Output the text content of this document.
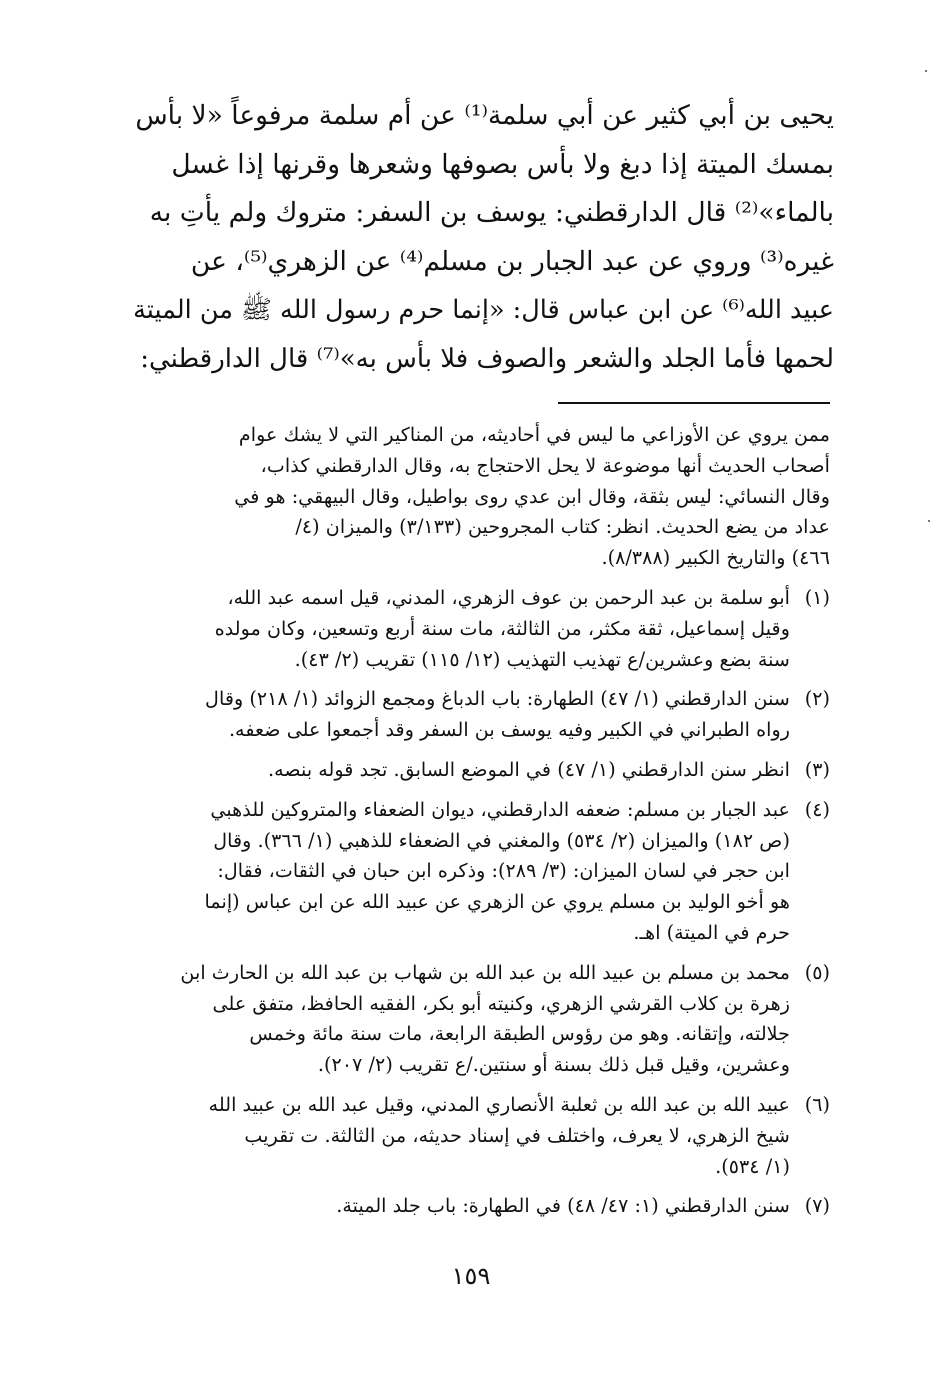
يحيى بن أبي كثير عن أبي سلمة⁽¹⁾ عن أم سلمة مرفوعاً «لا بأس
بمسك الميتة إذا دبغ ولا بأس بصوفها وشعرها وقرنها إذا غسل
بالماء»⁽²⁾ قال الدارقطني: يوسف بن السفر: متروك ولم يأتِ به
غيره⁽³⁾ وروي عن عبد الجبار بن مسلم⁽⁴⁾ عن الزهري⁽⁵⁾، عن
عبيد الله⁽⁶⁾ عن ابن عباس قال: «إنما حرم رسول الله ﷺ من الميتة
لحمها فأما الجلد والشعر والصوف فلا بأس به»⁽⁷⁾ قال الدارقطني:
ممن يروي عن الأوزاعي ما ليس في أحاديثه، من المناكير التي لا يشك عوام
أصحاب الحديث أنها موضوعة لا يحل الاحتجاج به، وقال الدارقطني كذاب،
وقال النسائي: ليس بثقة، وقال ابن عدي روى بواطيل، وقال البيهقي: هو في
عداد من يضع الحديث. انظر: كتاب المجروحين (٣/١٣٣) والميزان (٤/
٤٦٦) والتاريخ الكبير (٨/٣٨٨).
(١)
أبو سلمة بن عبد الرحمن بن عوف الزهري، المدني، قيل اسمه عبد الله،
وقيل إسماعيل، ثقة مكثر، من الثالثة، مات سنة أربع وتسعين، وكان مولده
سنة بضع وعشرين/ع تهذيب التهذيب (١٢/ ١١٥) تقريب (٢/ ٤٣).
(٢)
سنن الدارقطني (١/ ٤٧) الطهارة: باب الدباغ ومجمع الزوائد (١/ ٢١٨) وقال
رواه الطبراني في الكبير وفيه يوسف بن السفر وقد أجمعوا على ضعفه.
(٣)
انظر سنن الدارقطني (١/ ٤٧) في الموضع السابق. تجد قوله بنصه.
(٤)
عبد الجبار بن مسلم: ضعفه الدارقطني، ديوان الضعفاء والمتروكين للذهبي
(ص ١٨٢) والميزان (٢/ ٥٣٤) والمغني في الضعفاء للذهبي (١/ ٣٦٦). وقال
ابن حجر في لسان الميزان: (٣/ ٢٨٩): وذكره ابن حبان في الثقات، فقال:
هو أخو الوليد بن مسلم يروي عن الزهري عن عبيد الله عن ابن عباس (إنما
حرم في الميتة) اهـ.
(٥)
محمد بن مسلم بن عبيد الله بن عبد الله بن شهاب بن عبد الله بن الحارث ابن
زهرة بن كلاب القرشي الزهري، وكنيته أبو بكر، الفقيه الحافظ، متفق على
جلالته، وإتقانه. وهو من رؤوس الطبقة الرابعة، مات سنة مائة وخمس
وعشرين، وقيل قبل ذلك بسنة أو سنتين./ع تقريب (٢/ ٢٠٧).
(٦)
عبيد الله بن عبد الله بن ثعلبة الأنصاري المدني، وقيل عبد الله بن عبيد الله
شيخ الزهري، لا يعرف، واختلف في إسناد حديثه، من الثالثة. ت تقريب
(١/ ٥٣٤).
(٧)
سنن الدارقطني (١: ٤٧/ ٤٨) في الطهارة: باب جلد الميتة.
١٥٩
